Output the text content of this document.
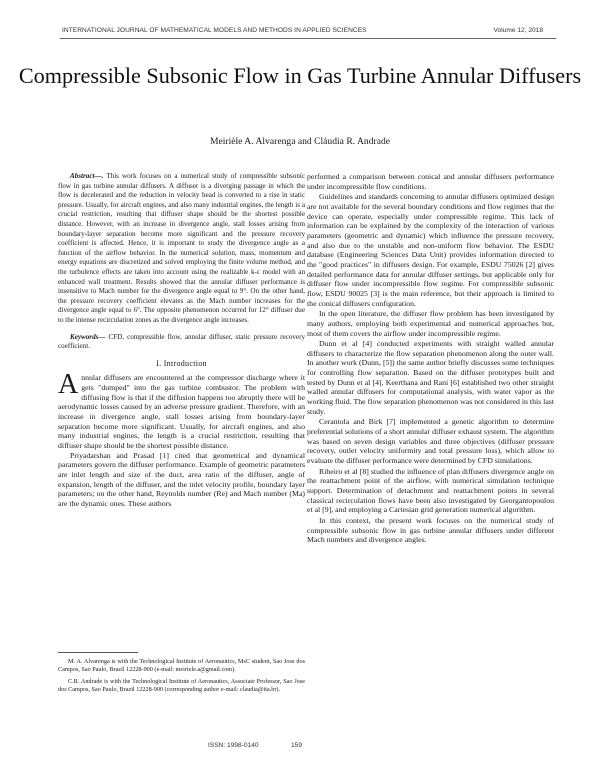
INTERNATIONAL JOURNAL OF MATHEMATICAL MODELS AND METHODS IN APPLIED SCIENCES	Volume 12, 2018
Compressible Subsonic Flow in Gas Turbine Annular Diffusers
Meirièle A. Alvarenga and Cláudia R. Andrade

Abstract—. This work focuses on a numerical study of compressible subsonic flow in gas turbine annular diffusers. A diffuser is a diverging passage in which the flow is decelerated and the reduction in velocity head is converted to a rise in static pressure. Usually, for aircraft engines, and also many industrial engines, the length is a crucial restriction, resulting that diffuser shape should be the shortest possible distance. However, with an increase in divergence angle, stall losses arising from boundary-layer separation become more significant and the pressure recovery coefficient is affected. Hence, it is important to study the divergence angle as a function of the airflow behavior. In the numerical solution, mass, momentum and energy equations are discretized and solved employing the finite volume method, and the turbulence effects are taken into account using the realizable k-ε model with an enhanced wall treatment. Results showed that the annular diffuser performance is insensitive to Mach number for the divergence angle equal to 9°. On the other hand, the pressure recovery coefficient elevates as the Mach number increases for the divergence angle equal to 6°. The opposite phenomenon occurred for 12° diffuser due to the intense recirculation zones as the divergence angle increases.

Keywords— CFD, compressible flow, annular diffuser, static pressure recovery coefficient.

I. Introduction

Annular diffusers are encountered at the compressor discharge where it gets "dumped" into the gas turbine combustor. The problem with diffusing flow is that if the diffusion happens too abruptly there will be aerodynamic losses caused by an adverse pressure gradient. Therefore, with an increase in divergence angle, stall losses arising from boundary-layer separation become more significant. Usually, for aircraft engines, and also many industrial engines, the length is a crucial restriction, resulting that diffuser shape should be the shortest possible distance.

Priyadarshan and Prasad [1] cited that geometrical and dynamical parameters govern the diffuser performance. Example of geometric parameters are inlet length and size of the duct, area ratio of the diffuser, angle of expansion, length of the diffuser, and the inlet velocity profile, boundary layer parameters; on the other hand, Reynolds number (Re) and Mach number (Ma) are the dynamic ones. These authors

M. A. Alvarenga is with the Technological Institute of Aeronautics, MsC student, Sao Jose dos Campos, Sao Paulo, Brazil 12228-900 (e-mail: meiriele.a@gmail.com).

C.R. Andrade is with the Technological Institute of Aeronautics, Associate Professor, Sao Jose dos Campos, Sao Paulo, Brazil 12228-900 (corresponding author e-mail: claudia@ita.br).

performed a comparison between conical and annular diffusers performance under incompressible flow conditions.

Guidelines and standards concerning to annular diffusers optimized design are not available for the several boundary conditions and flow regimes that the device can operate, especially under compressible regime. This lack of information can be explained by the complexity of the interaction of various parameters (geometric and dynamic) which influence the pressure recovery, and also due to the unstable and non-uniform flow behavior. The ESDU database (Engineering Sciences Data Unit) provides information directed to the "good practices" in diffusers design. For example, ESDU 75026 [2] gives detailed performance data for annular diffuser settings, but applicable only for diffuser flow under incompressible flow regime. For compressible subsonic flow, ESDU 90025 [3] is the main reference, but their approach is limited to the conical diffusers configuration.

In the open literature, the diffuser flow problem has been investigated by many authors, employing both experimental and numerical approaches but, most of them covers the airflow under incompressible regime.

Dunn et al [4] conducted experiments with straight walled annular diffusers to characterize the flow separation phenomenon along the outer wall. In another work (Dunn, [5]) the same author briefly discusses some techniques for controlling flow separation. Based on the diffuser prototypes built and tested by Dunn et al [4], Keerthana and Rani [6] established two other straight walled annular diffusers for computational analysis, with water vapor as the working fluid. The flow separation phenomenon was not considered in this last study.

Cerantola and Birk [7] implemented a genetic algorithm to determine preferential solutions of a short annular diffuser exhaust system. The algorithm was based on seven design variables and three objectives (diffuser pressure recovery, outlet velocity uniformity and total pressure loss), which allow to evaluate the diffuser performance were determined by CFD simulations.

Ribeiro et al [8] studied the influence of plan diffusers divergence angle on the reattachment point of the airflow, with numerical simulation technique support. Determination of detachment and reattachment points in several classical recirculation flows have been also investigated by Georgantopoulou et al [9], and employing a Cartesian grid generation numerical algorithm.

In this context, the present work focuses on the numerical study of compressible subsonic flow in gas turbine annular diffusers under different Mach numbers and divergence angles.

ISSN: 1998-0140	159
